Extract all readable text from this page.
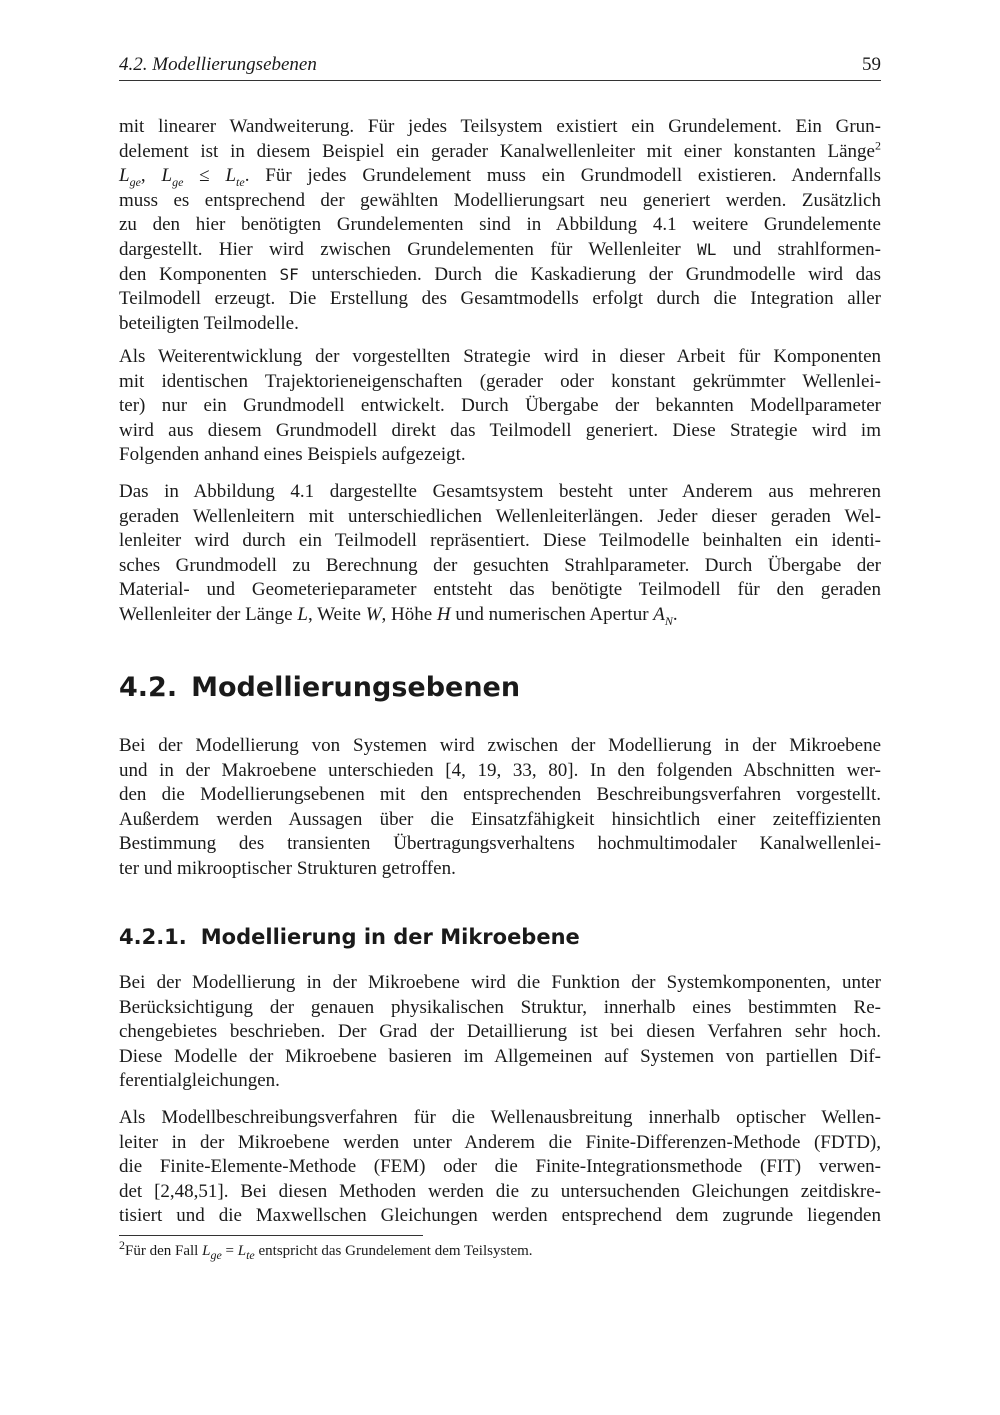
4.2. Modellierungsebenen	59
mit linearer Wandweiterung. Für jedes Teilsystem existiert ein Grundelement. Ein Grun-
delement ist in diesem Beispiel ein gerader Kanalwellenleiter mit einer konstanten Länge$^2$
$L_{ge}$, $L_{ge} \le L_{te}$. Für jedes Grundelement muss ein Grundmodell existieren. Andernfalls
muss es entsprechend der gewählten Modellierungsart neu generiert werden. Zusätzlich
zu den hier benötigten Grundelementen sind in Abbildung 4.1 weitere Grundelemente
dargestellt. Hier wird zwischen Grundelementen für Wellenleiter WL und strahlformen-
den Komponenten SF unterschieden. Durch die Kaskadierung der Grundmodelle wird das
Teilmodell erzeugt. Die Erstellung des Gesamtmodells erfolgt durch die Integration aller
beteiligten Teilmodelle.
Als Weiterentwicklung der vorgestellten Strategie wird in dieser Arbeit für Komponenten
mit identischen Trajektorieneigenschaften (gerader oder konstant gekrümmter Wellenlei-
ter) nur ein Grundmodell entwickelt. Durch Übergabe der bekannten Modellparameter
wird aus diesem Grundmodell direkt das Teilmodell generiert. Diese Strategie wird im
Folgenden anhand eines Beispiels aufgezeigt.
Das in Abbildung 4.1 dargestellte Gesamtsystem besteht unter Anderem aus mehreren
geraden Wellenleitern mit unterschiedlichen Wellenleiterlängen. Jeder dieser geraden Wel-
lenleiter wird durch ein Teilmodell repräsentiert. Diese Teilmodelle beinhalten ein identi-
sches Grundmodell zu Berechnung der gesuchten Strahlparameter. Durch Übergabe der
Material- und Geometerieparameter entsteht das benötigte Teilmodell für den geraden
Wellenleiter der Länge L, Weite W, Höhe H und numerischen Apertur $A_N$.
4.2. Modellierungsebenen
Bei der Modellierung von Systemen wird zwischen der Modellierung in der Mikroebene
und in der Makroebene unterschieden [4, 19, 33, 80]. In den folgenden Abschnitten wer-
den die Modellierungsebenen mit den entsprechenden Beschreibungsverfahren vorgestellt.
Außerdem werden Aussagen über die Einsatzfähigkeit hinsichtlich einer zeiteffizienten
Bestimmung des transienten Übertragungsverhaltens hochmultimodaler Kanalwellenlei-
ter und mikrooptischer Strukturen getroffen.
4.2.1. Modellierung in der Mikroebene
Bei der Modellierung in der Mikroebene wird die Funktion der Systemkomponenten, unter
Berücksichtigung der genauen physikalischen Struktur, innerhalb eines bestimmten Re-
chengebietes beschrieben. Der Grad der Detaillierung ist bei diesen Verfahren sehr hoch.
Diese Modelle der Mikroebene basieren im Allgemeinen auf Systemen von partiellen Dif-
ferentialgleichungen.
Als Modellbeschreibungsverfahren für die Wellenausbreitung innerhalb optischer Wellen-
leiter in der Mikroebene werden unter Anderem die Finite-Differenzen-Methode (FDTD),
die Finite-Elemente-Methode (FEM) oder die Finite-Integrationsmethode (FIT) verwen-
det [2,48,51]. Bei diesen Methoden werden die zu untersuchenden Gleichungen zeitdiskre-
tisiert und die Maxwellschen Gleichungen werden entsprechend dem zugrunde liegenden

$^2$Für den Fall $L_{ge} = L_{te}$ entspricht das Grundelement dem Teilsystem.
